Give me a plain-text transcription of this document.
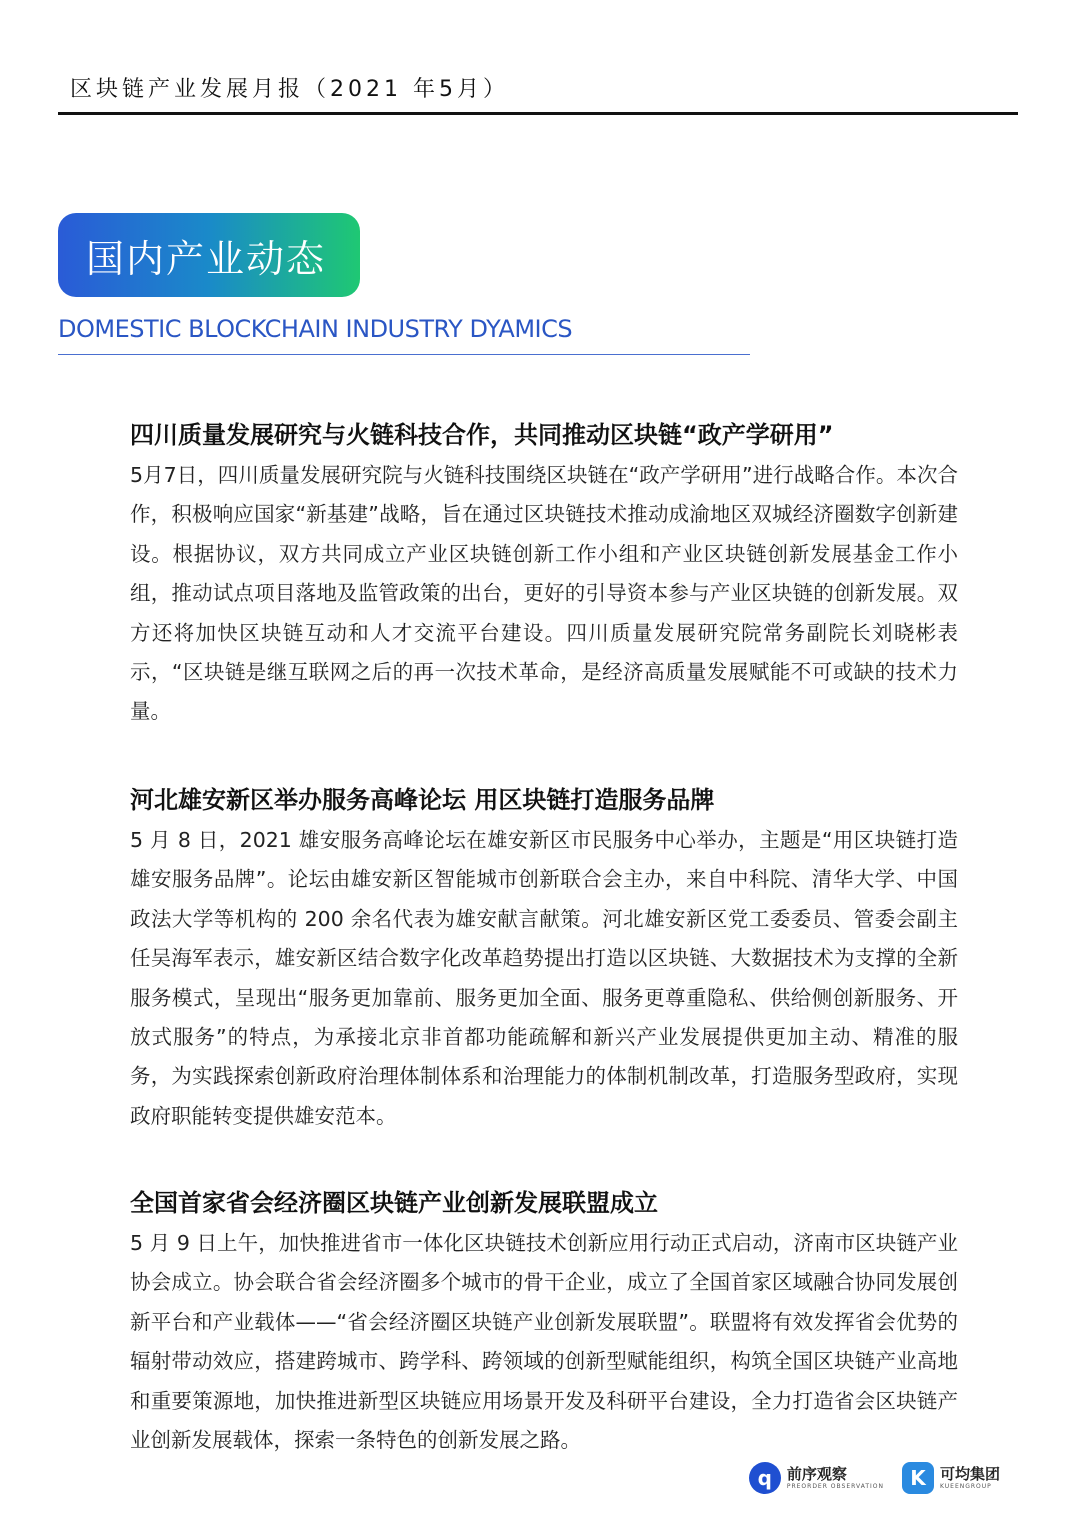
区块链产业发展月报（2021 年5月）
国内产业动态
DOMESTIC BLOCKCHAIN INDUSTRY DYAMICS
四川质量发展研究与火链科技合作，共同推动区块链“政产学研用”

5月7日，四川质量发展研究院与火链科技围绕区块链在“政产学研用”进行战略合作。本次合作，积极响应国家“新基建”战略，旨在通过区块链技术推动成渝地区双城经济圈数字创新建设。根据协议，双方共同成立产业区块链创新工作小组和产业区块链创新发展基金工作小组，推动试点项目落地及监管政策的出台，更好的引导资本参与产业区块链的创新发展。双方还将加快区块链互动和人才交流平台建设。四川质量发展研究院常务副院长刘晓彬表示，“区块链是继互联网之后的再一次技术革命，是经济高质量发展赋能不可或缺的技术力量。

河北雄安新区举办服务高峰论坛 用区块链打造服务品牌

5 月 8 日，2021 雄安服务高峰论坛在雄安新区市民服务中心举办，主题是“用区块链打造雄安服务品牌”。论坛由雄安新区智能城市创新联合会主办，来自中科院、清华大学、中国政法大学等机构的 200 余名代表为雄安献言献策。河北雄安新区党工委委员、管委会副主任吴海军表示，雄安新区结合数字化改革趋势提出打造以区块链、大数据技术为支撑的全新服务模式，呈现出“服务更加靠前、服务更加全面、服务更尊重隐私、供给侧创新服务、开放式服务”的特点，为承接北京非首都功能疏解和新兴产业发展提供更加主动、精准的服务，为实践探索创新政府治理体制体系和治理能力的体制机制改革，打造服务型政府，实现政府职能转变提供雄安范本。

全国首家省会经济圈区块链产业创新发展联盟成立

5 月 9 日上午，加快推进省市一体化区块链技术创新应用行动正式启动，济南市区块链产业协会成立。协会联合省会经济圈多个城市的骨干企业，成立了全国首家区域融合协同发展创新平台和产业载体——“省会经济圈区块链产业创新发展联盟”。联盟将有效发挥省会优势的辐射带动效应，搭建跨城市、跨学科、跨领域的创新型赋能组织，构筑全国区块链产业高地和重要策源地，加快推进新型区块链应用场景开发及科研平台建设，全力打造省会区块链产业创新发展载体，探索一条特色的创新发展之路。

q 前序观察
PREORDER OBSERVATION	K 可均集团
KUEENGROUP
